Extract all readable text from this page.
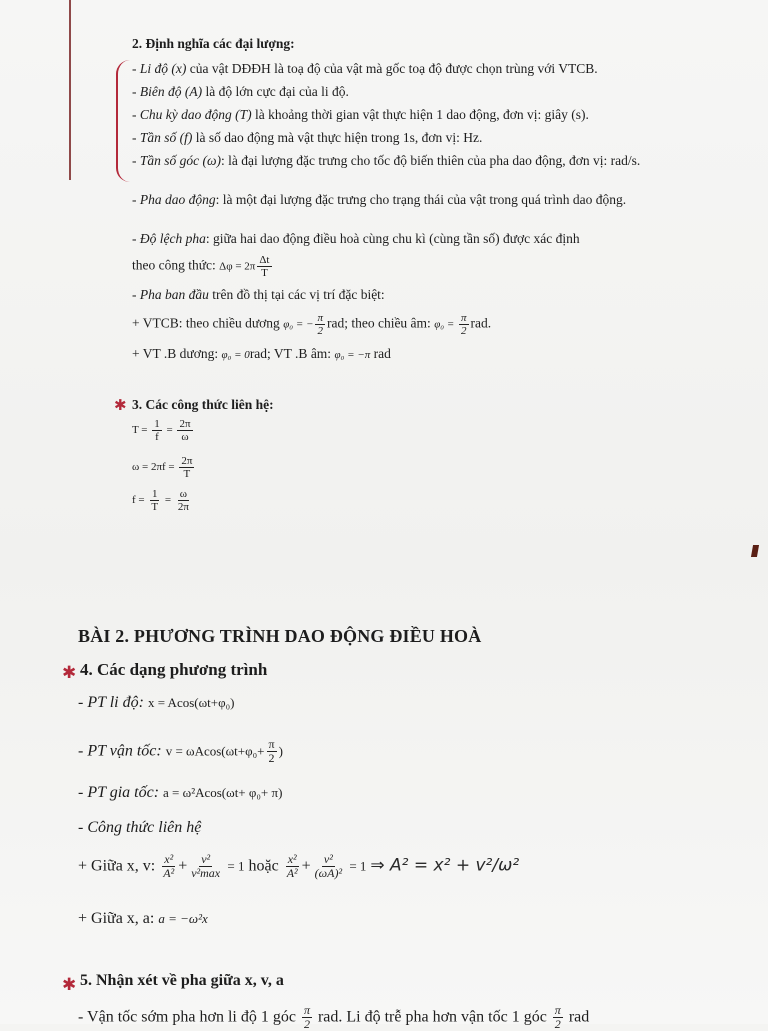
2. Định nghĩa các đại lượng:
- Li độ (x) của vật DĐĐH là toạ độ của vật mà gốc toạ độ được chọn trùng với VTCB.
- Biên độ (A) là độ lớn cực đại của li độ.
- Chu kỳ dao động (T) là khoảng thời gian vật thực hiện 1 dao động, đơn vị: giây (s).
- Tần số (f) là số dao động mà vật thực hiện trong 1s, đơn vị: Hz.
- Tần số góc (ω): là đại lượng đặc trưng cho tốc độ biến thiên của pha dao động, đơn vị: rad/s.
- Pha dao động: là một đại lượng đặc trưng cho trạng thái của vật trong quá trình dao động.
- Độ lệch pha: giữa hai dao động điều hoà cùng chu kì (cùng tần số) được xác định
theo công thức: $\Delta\varphi = 2\pi \frac{\Delta t}{T}$
- Pha ban đầu trên đồ thị tại các vị trí đặc biệt:
+ VTCB: theo chiều dương φ₀ = − $\frac{\pi}{2}$ rad; theo chiều âm: $\varphi_0 = \frac{\pi}{2}$ rad.
+ VT .B dương: φ₀ = 0rad; VT .B âm: φ₀ = −π rad
✱ 3. Các công thức liên hệ:
$T = \frac{1}{f} = \frac{2\pi}{\omega}$
$\omega = 2\pi f = \frac{2\pi}{T}$
$f = \frac{1}{T} = \frac{\omega}{2\pi}$
BÀI 2. PHƯƠNG TRÌNH DAO ĐỘNG ĐIỀU HOÀ
✱ 4. Các dạng phương trình
- PT li độ: x = Acos(ωt+φ₀)
- PT vận tốc: $v = \omega Acos(\omega t+\varphi_0+ \frac{\pi}{2}$ )
- PT gia tốc: a = ω²Acos(ωt+ φ₀+ π)
- Công thức liên hệ
+ Giữa x, v: $\frac{\text{x²}}{\text{A²}} + \frac{\text{v²}}{\text{v²max}} = 1$ hoặc $\frac{\text{x²}}{\text{A²}} + \frac{\text{v²}}{\text{(ωA)²}} = 1$ ⇒ A² = x² + v²/ω²
+ Giữa x, a: a = −ω²x
✱ 5. Nhận xét về pha giữa x, v, a
- Vận tốc sớm pha hơn li độ 1 góc $\frac{\pi}{2}$ rad. Li độ trễ pha hơn vận tốc 1 góc $\frac{\pi}{2}$ rad
